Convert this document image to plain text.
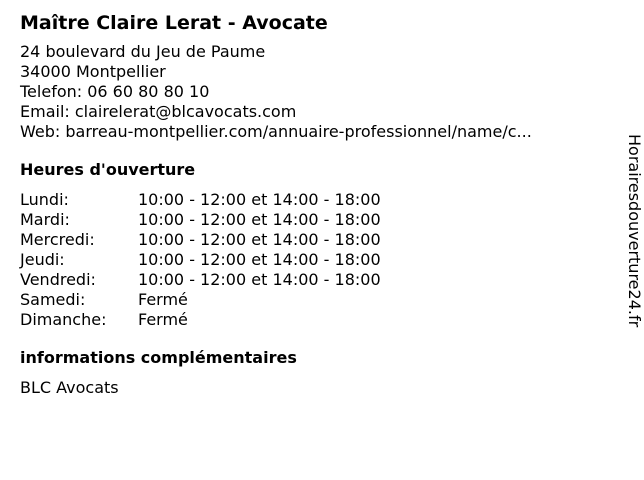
Maître Claire Lerat - Avocate
24 boulevard du Jeu de Paume
34000 Montpellier
Telefon: 06 60 80 80 10
Email: clairelerat@blcavocats.com
Web: barreau-montpellier.com/annuaire-professionnel/name/c...
Heures d'ouverture
Lundi:	10:00 - 12:00 et 14:00 - 18:00
Mardi:	10:00 - 12:00 et 14:00 - 18:00
Mercredi:	10:00 - 12:00 et 14:00 - 18:00
Jeudi:	10:00 - 12:00 et 14:00 - 18:00
Vendredi:	10:00 - 12:00 et 14:00 - 18:00
Samedi:	Fermé
Dimanche:	Fermé
informations complémentaires
BLC Avocats
Horairesdouverture24.fr
